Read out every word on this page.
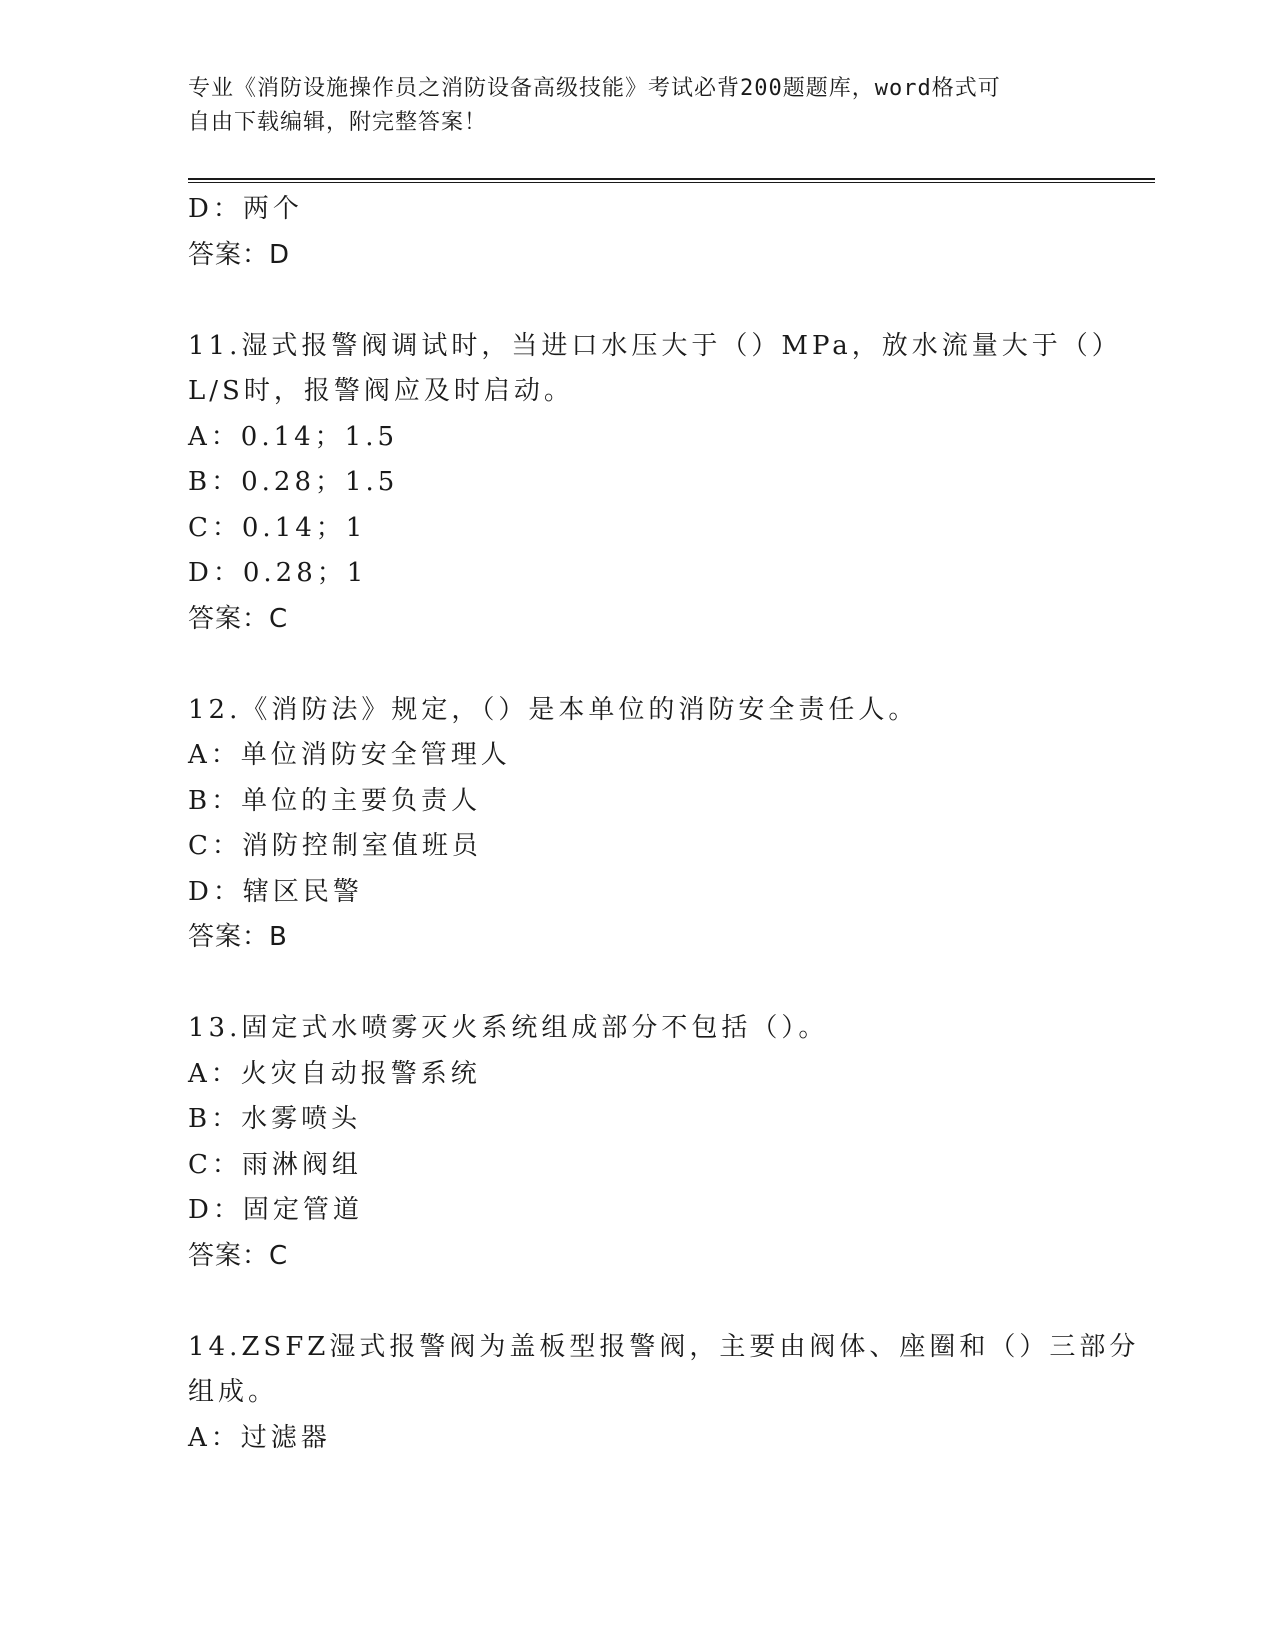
专业《消防设施操作员之消防设备高级技能》考试必背200题题库，word格式可
自由下载编辑，附完整答案！
D：两个
答案：D
11.湿式报警阀调试时，当进口水压大于（）MPa，放水流量大于（）
L/S时，报警阀应及时启动。
A：0.14；1.5
B：0.28；1.5
C：0.14；1
D：0.28；1
答案：C
12.《消防法》规定，（）是本单位的消防安全责任人。
A：单位消防安全管理人
B：单位的主要负责人
C：消防控制室值班员
D：辖区民警
答案：B
13.固定式水喷雾灭火系统组成部分不包括（）。
A：火灾自动报警系统
B：水雾喷头
C：雨淋阀组
D：固定管道
答案：C
14.ZSFZ湿式报警阀为盖板型报警阀，主要由阀体、座圈和（）三部分
组成。
A：过滤器
